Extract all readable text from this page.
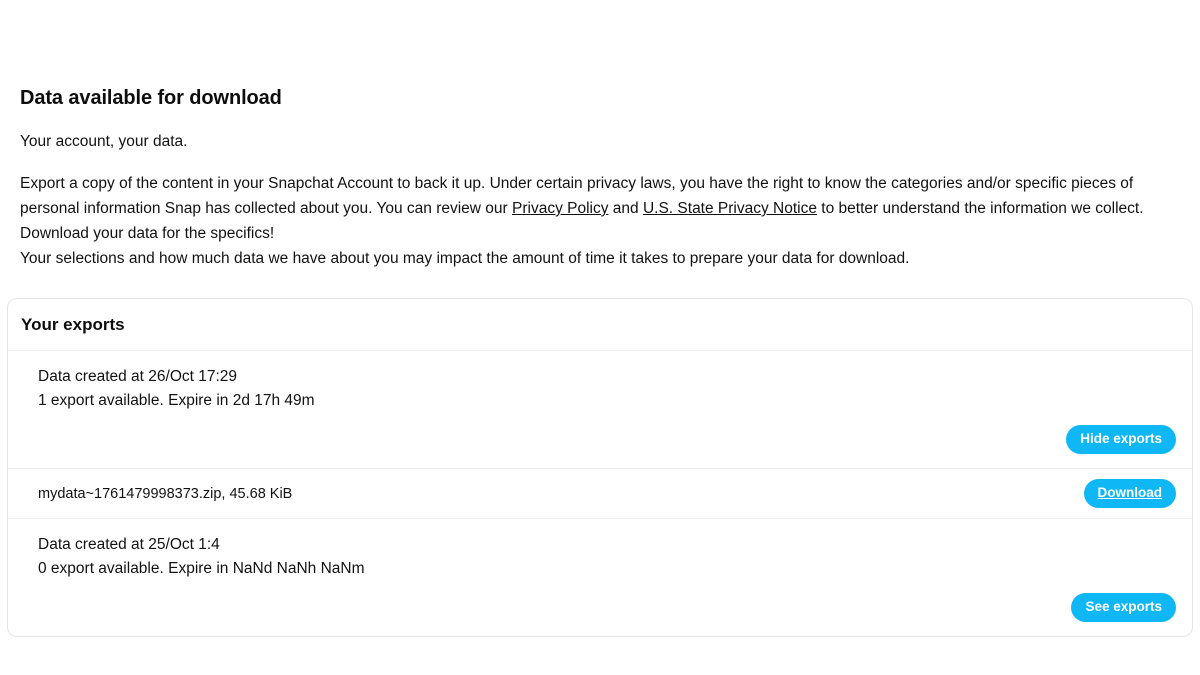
Data available for download
Your account, your data.
Export a copy of the content in your Snapchat Account to back it up. Under certain privacy laws, you have the right to know the categories and/or specific pieces of personal information Snap has collected about you. You can review our Privacy Policy and U.S. State Privacy Notice to better understand the information we collect. Download your data for the specifics!
Your selections and how much data we have about you may impact the amount of time it takes to prepare your data for download.
Your exports
Data created at 26/Oct 17:29
1 export available. Expire in 2d 17h 49m
Hide exports
mydata~1761479998373.zip, 45.68 KiB	Download
Data created at 25/Oct 1:4
0 export available. Expire in NaNd NaNh NaNm
See exports
